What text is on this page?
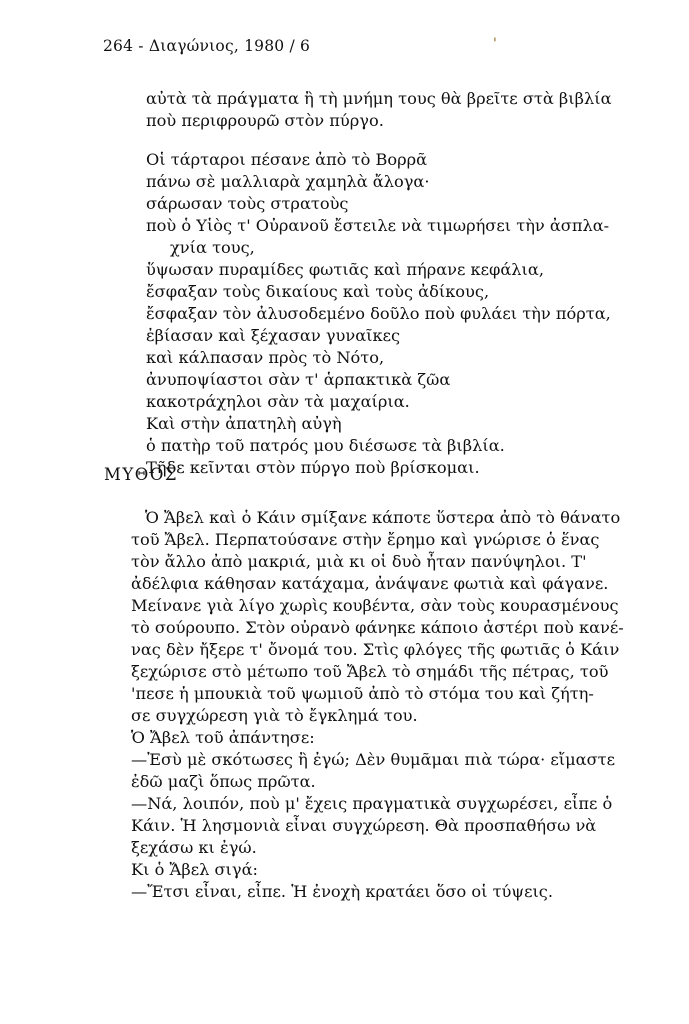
264 - Διαγώνιος, 1980 / 6	'
αὐτὰ τὰ πράγματα ἢ τὴ μνήμη τους θὰ βρεῖτε στὰ βιβλία
ποὺ περιφρουρῶ στὸν πύργο.
Οἱ τάρταροι πέσανε ἀπὸ τὸ Βορρᾶ
πάνω σὲ μαλλιαρὰ χαμηλὰ ἄλογα·
σάρωσαν τοὺς στρατοὺς
ποὺ ὁ Υἱὸς τ' Οὐρανοῦ ἔστειλε νὰ τιμωρήσει τὴν ἀσπλα-
χνία τους,
ὕψωσαν πυραμίδες φωτιᾶς καὶ πήρανε κεφάλια,
ἔσφαξαν τοὺς δικαίους καὶ τοὺς ἀδίκους,
ἔσφαξαν τὸν ἀλυσοδεμένο δοῦλο ποὺ φυλάει τὴν πόρτα,
ἐβίασαν καὶ ξέχασαν γυναῖκες
καὶ κάλπασαν πρὸς τὸ Νότο,
ἀνυποψίαστοι σὰν τ' ἁρπακτικὰ ζῶα
κακοτράχηλοι σὰν τὰ μαχαίρια.
Καὶ στὴν ἀπατηλὴ αὐγὴ
ὁ πατὴρ τοῦ πατρός μου διέσωσε τὰ βιβλία.
Τῆδε κεῖνται στὸν πύργο ποὺ βρίσκομαι.
ΜΥΘΟΣ
Ὁ Ἄβελ καὶ ὁ Κάιν σμίξανε κάποτε ὕστερα ἀπὸ τὸ θάνατο
τοῦ Ἄβελ. Περπατούσανε στὴν ἔρημο καὶ γνώρισε ὁ ἕνας
τὸν ἄλλο ἀπὸ μακριά, μιὰ κι οἱ δυὸ ἦταν πανύψηλοι. Τ'
ἀδέλφια κάθησαν κατάχαμα, ἀνάψανε φωτιὰ καὶ φάγανε.
Μείνανε γιὰ λίγο χωρὶς κουβέντα, σὰν τοὺς κουρασμένους
τὸ σούρουπο. Στὸν οὐρανὸ φάνηκε κάποιο ἀστέρι ποὺ κανέ-
νας δὲν ἤξερε τ' ὄνομά του. Στὶς φλόγες τῆς φωτιᾶς ὁ Κάιν
ξεχώρισε στὸ μέτωπο τοῦ Ἄβελ τὸ σημάδι τῆς πέτρας, τοῦ
'πεσε ἡ μπουκιὰ τοῦ ψωμιοῦ ἀπὸ τὸ στόμα του καὶ ζήτη-
σε συγχώρεση γιὰ τὸ ἔγκλημά του.
Ὁ Ἄβελ τοῦ ἀπάντησε:
—Ἐσὺ μὲ σκότωσες ἢ ἐγώ; Δὲν θυμᾶμαι πιὰ τώρα· εἴμαστε
ἐδῶ μαζὶ ὅπως πρῶτα.
—Νά, λοιπόν, ποὺ μ' ἔχεις πραγματικὰ συγχωρέσει, εἶπε ὁ
Κάιν. Ἡ λησμονιὰ εἶναι συγχώρεση. Θὰ προσπαθήσω νὰ
ξεχάσω κι ἐγώ.
Κι ὁ Ἄβελ σιγά:
—Ἔτσι εἶναι, εἶπε. Ἡ ἐνοχὴ κρατάει ὅσο οἱ τύψεις.
